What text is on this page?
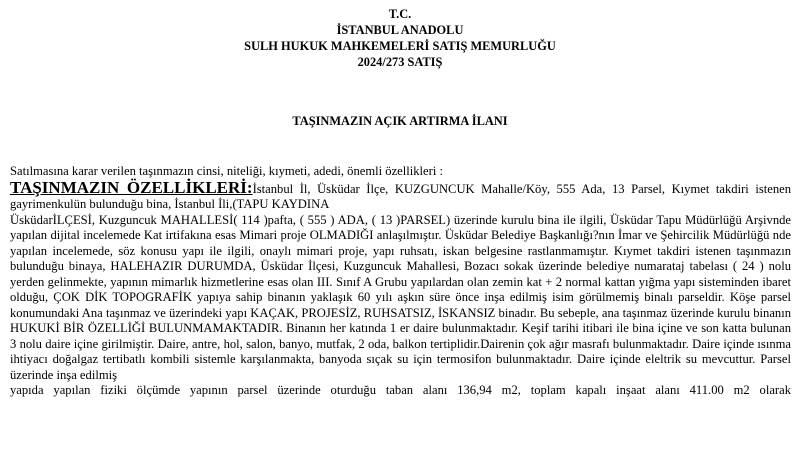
T.C.
İSTANBUL ANADOLU
SULH HUKUK MAHKEMELERİ SATIŞ MEMURLUĞU
2024/273 SATIŞ
TAŞINMAZIN AÇIK ARTIRMA İLANI
Satılmasına karar verilen taşınmazın cinsi, niteliği, kıymeti, adedi, önemli özellikleri :
TAŞINMAZIN ÖZELLİKLERİ:İstanbul İl, Üsküdar İlçe, KUZGUNCUK Mahalle/Köy, 555 Ada, 13 Parsel, Kıymet takdiri istenen gayrimenkulün bulunduğu bina, İstanbul İli,(TAPU KAYDINA
ÜsküdarİLÇESİ, Kuzguncuk MAHALLESİ( 114 )pafta, ( 555 ) ADA, ( 13 )PARSEL) üzerinde kurulu bina ile ilgili, Üsküdar Tapu Müdürlüğü Arşivnde yapılan dijital incelemede Kat irtifakına esas Mimari proje OLMADIĞI anlaşılmıştır. Üsküdar Belediye Başkanlığı?nın İmar ve Şehircilik Müdürlüğü nde yapılan incelemede, söz konusu yapı ile ilgili, onaylı mimari proje, yapı ruhsatı, iskan belgesine rastlanmamıştır. Kıymet takdiri istenen taşınmazın bulunduğu binaya, HALEHAZIR DURUMDA, Üsküdar İlçesi, Kuzguncuk Mahallesi, Bozacı sokak üzerinde belediye numarataj tabelası ( 24 ) nolu yerden gelinmekte, yapının mimarlık hizmetlerine esas olan III. Sınıf A Grubu yapılardan olan zemin kat + 2 normal kattan yığma yapı sisteminden ibaret olduğu, ÇOK DİK TOPOGRAFİK yapıya sahip binanın yaklaşık 60 yılı aşkın süre önce inşa edilmiş isim görülmemiş binalı parseldir. Köşe parsel konumundaki Ana taşınmaz ve üzerindeki yapı KAÇAK, PROJESİZ, RUHSATSIZ, İSKANSIZ binadır. Bu sebeple, ana taşınmaz üzerinde kurulu binanın HUKUKİ BİR ÖZELLİĞİ BULUNMAMAKTADIR. Binanın her katında 1 er daire bulunmaktadır. Keşif tarihi itibari ile bina içine ve son katta bulunan 3 nolu daire içine girilmiştir. Daire, antre, hol, salon, banyo, mutfak, 2 oda, balkon tertiplidir.Dairenin çok ağır masrafı bulunmaktadır. Daire içinde ısınma ihtiyacı doğalgaz tertibatlı kombili sistemle karşılanmakta, banyoda sıçak su için termosifon bulunmaktadır. Daire içinde eleltrik su mevcuttur. Parsel üzerinde inşa edilmiş
yapıda yapılan fiziki ölçümde yapının parsel üzerinde oturduğu taban alanı 136,94 m2, toplam kapalı inşaat alanı 411.00 m2 olarak
